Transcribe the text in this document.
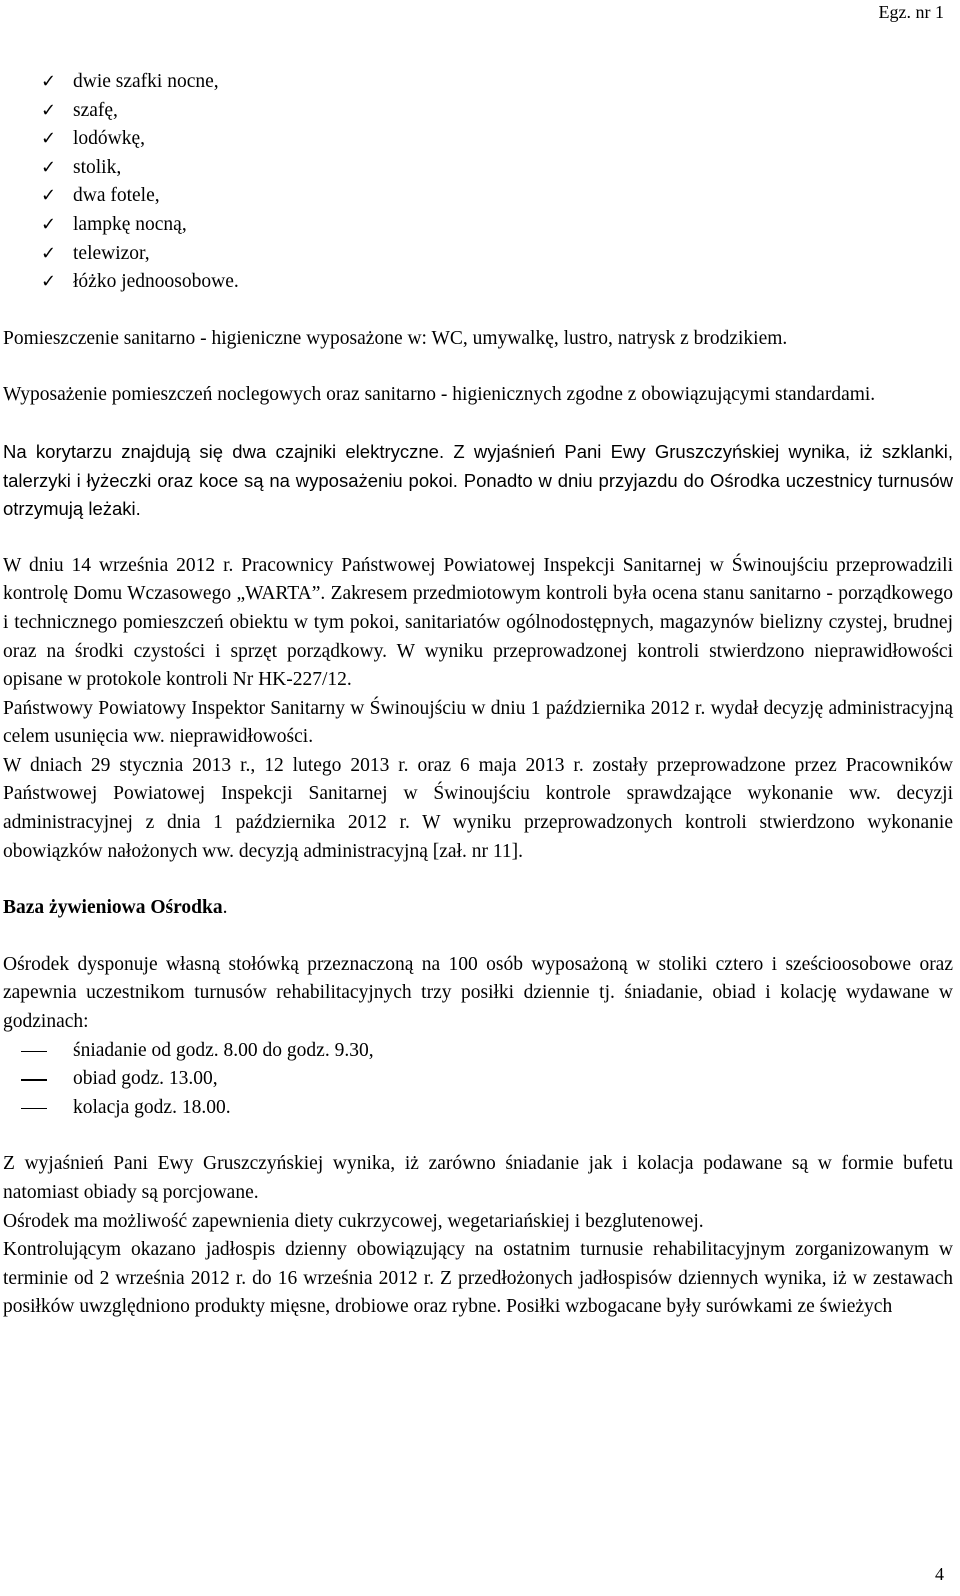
Egz. nr 1
✓ dwie szafki nocne,
✓ szafę,
✓ lodówkę,
✓ stolik,
✓ dwa fotele,
✓ lampkę nocną,
✓ telewizor,
✓ łóżko jednoosobowe.

Pomieszczenie sanitarno - higieniczne wyposażone w: WC, umywalkę, lustro, natrysk z brodzikiem.

Wyposażenie pomieszczeń noclegowych oraz sanitarno - higienicznych zgodne z obowiązującymi standardami.

Na korytarzu znajdują się dwa czajniki elektryczne. Z wyjaśnień Pani Ewy Gruszczyńskiej wynika, iż szklanki, talerzyki i łyżeczki oraz koce są na wyposażeniu pokoi. Ponadto w dniu przyjazdu do Ośrodka uczestnicy turnusów otrzymują leżaki.

W dniu 14 września 2012 r. Pracownicy Państwowej Powiatowej Inspekcji Sanitarnej w Świnoujściu przeprowadzili kontrolę Domu Wczasowego „WARTA”. Zakresem przedmiotowym kontroli była ocena stanu sanitarno - porządkowego i technicznego pomieszczeń obiektu w tym pokoi, sanitariatów ogólnodostępnych, magazynów bielizny czystej, brudnej oraz na środki czystości i sprzęt porządkowy. W wyniku przeprowadzonej kontroli stwierdzono nieprawidłowości opisane w protokole kontroli Nr HK-227/12.

Państwowy Powiatowy Inspektor Sanitarny w Świnoujściu w dniu 1 października 2012 r. wydał decyzję administracyjną celem usunięcia ww. nieprawidłowości.

W dniach 29 stycznia 2013 r., 12 lutego 2013 r. oraz 6 maja 2013 r. zostały przeprowadzone przez Pracowników Państwowej Powiatowej Inspekcji Sanitarnej w Świnoujściu kontrole sprawdzające wykonanie ww. decyzji administracyjnej z dnia 1 października 2012 r. W wyniku przeprowadzonych kontroli stwierdzono wykonanie obowiązków nałożonych ww. decyzją administracyjną [zał. nr 11].

Baza żywieniowa Ośrodka.

Ośrodek dysponuje własną stołówką przeznaczoną na 100 osób wyposażoną w stoliki cztero i sześcioosobowe oraz zapewnia uczestnikom turnusów rehabilitacyjnych trzy posiłki dziennie tj. śniadanie, obiad i kolację wydawane w godzinach:

śniadanie od godz. 8.00 do godz. 9.30,
obiad godz. 13.00,
kolacja godz. 18.00.

Z wyjaśnień Pani Ewy Gruszczyńskiej wynika, iż zarówno śniadanie jak i kolacja podawane są w formie bufetu natomiast obiady są porcjowane.

Ośrodek ma możliwość zapewnienia diety cukrzycowej, wegetariańskiej i bezglutenowej.

Kontrolującym okazano jadłospis dzienny obowiązujący na ostatnim turnusie rehabilitacyjnym zorganizowanym w terminie od 2 września 2012 r. do 16 września 2012 r. Z przedłożonych jadłospisów dziennych wynika, iż w zestawach posiłków uwzględniono produkty mięsne, drobiowe oraz rybne. Posiłki wzbogacane były surówkami ze świeżych

4
